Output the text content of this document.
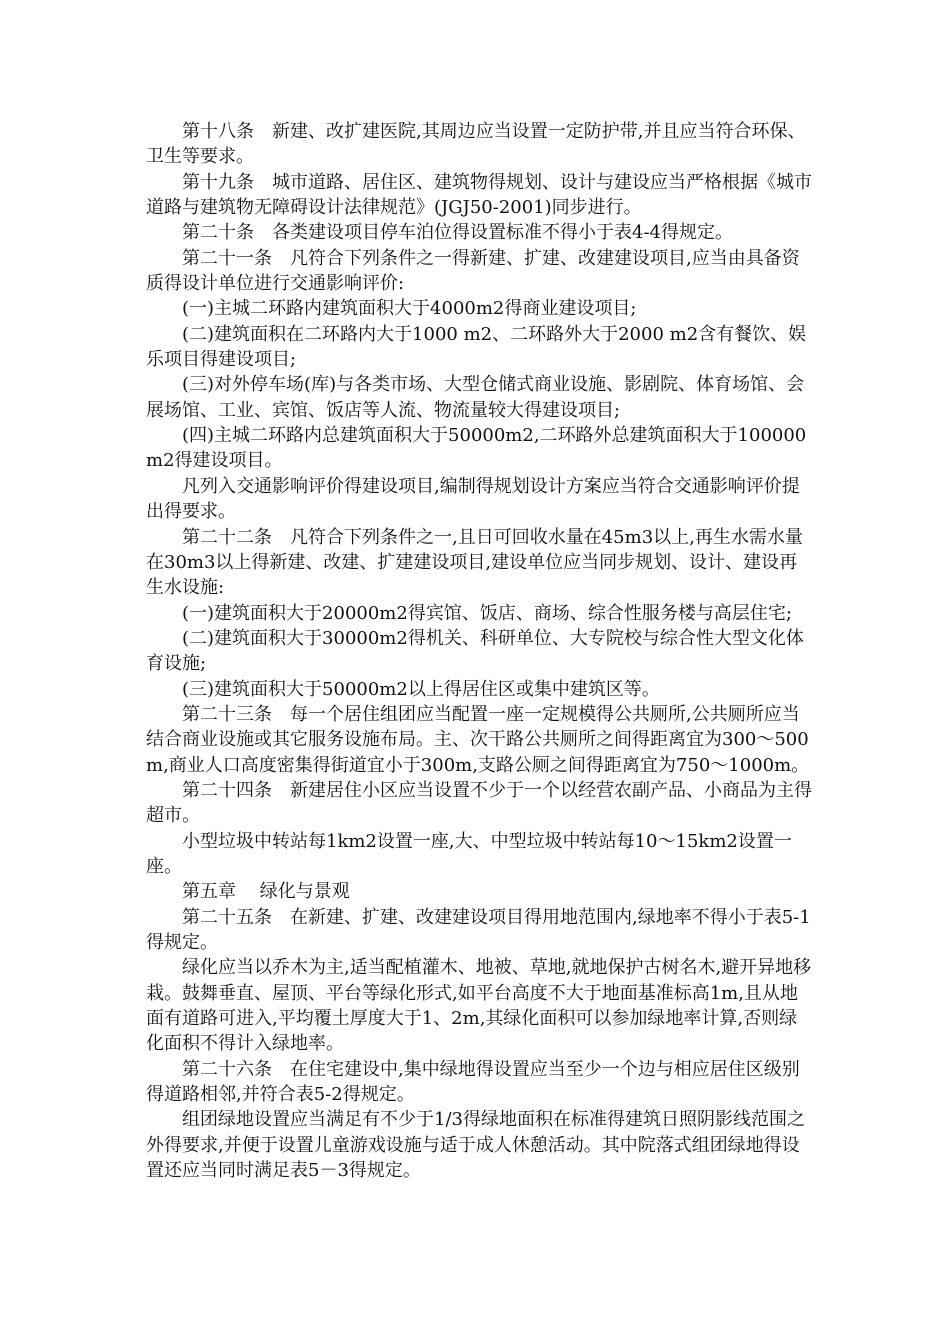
第十八条　新建、改扩建医院,其周边应当设置一定防护带,并且应当符合环保、卫生等要求。

第十九条　城市道路、居住区、建筑物得规划、设计与建设应当严格根据《城市道路与建筑物无障碍设计法律规范》(JGJ50-2001)同步进行。

第二十条　各类建设项目停车泊位得设置标准不得小于表4-4得规定。

第二十一条　凡符合下列条件之一得新建、扩建、改建建设项目,应当由具备资质得设计单位进行交通影响评价:

(一)主城二环路内建筑面积大于4000m2得商业建设项目;

(二)建筑面积在二环路内大于1000 m2、二环路外大于2000 m2含有餐饮、娱乐项目得建设项目;

(三)对外停车场(库)与各类市场、大型仓储式商业设施、影剧院、体育场馆、会展场馆、工业、宾馆、饭店等人流、物流量较大得建设项目;

(四)主城二环路内总建筑面积大于50000m2,二环路外总建筑面积大于100000m2得建设项目。

凡列入交通影响评价得建设项目,编制得规划设计方案应当符合交通影响评价提出得要求。

第二十二条　凡符合下列条件之一,且日可回收水量在45m3以上,再生水需水量在30m3以上得新建、改建、扩建建设项目,建设单位应当同步规划、设计、建设再生水设施:

(一)建筑面积大于20000m2得宾馆、饭店、商场、综合性服务楼与高层住宅;

(二)建筑面积大于30000m2得机关、科研单位、大专院校与综合性大型文化体育设施;

(三)建筑面积大于50000m2以上得居住区或集中建筑区等。

第二十三条　每一个居住组团应当配置一座一定规模得公共厕所,公共厕所应当结合商业设施或其它服务设施布局。主、次干路公共厕所之间得距离宜为300～500m,商业人口高度密集得街道宜小于300m,支路公厕之间得距离宜为750～1000m。

第二十四条　新建居住小区应当设置不少于一个以经营农副产品、小商品为主得超市。

小型垃圾中转站每1km2设置一座,大、中型垃圾中转站每10～15km2设置一座。

第五章　 绿化与景观

第二十五条　在新建、扩建、改建建设项目得用地范围内,绿地率不得小于表5-1得规定。

绿化应当以乔木为主,适当配植灌木、地被、草地,就地保护古树名木,避开异地移栽。鼓舞垂直、屋顶、平台等绿化形式,如平台高度不大于地面基准标高1m,且从地面有道路可进入,平均覆土厚度大于1、2m,其绿化面积可以参加绿地率计算,否则绿化面积不得计入绿地率。

第二十六条　在住宅建设中,集中绿地得设置应当至少一个边与相应居住区级别得道路相邻,并符合表5-2得规定。

组团绿地设置应当满足有不少于1/3得绿地面积在标准得建筑日照阴影线范围之外得要求,并便于设置儿童游戏设施与适于成人休憩活动。其中院落式组团绿地得设置还应当同时满足表5－3得规定。
